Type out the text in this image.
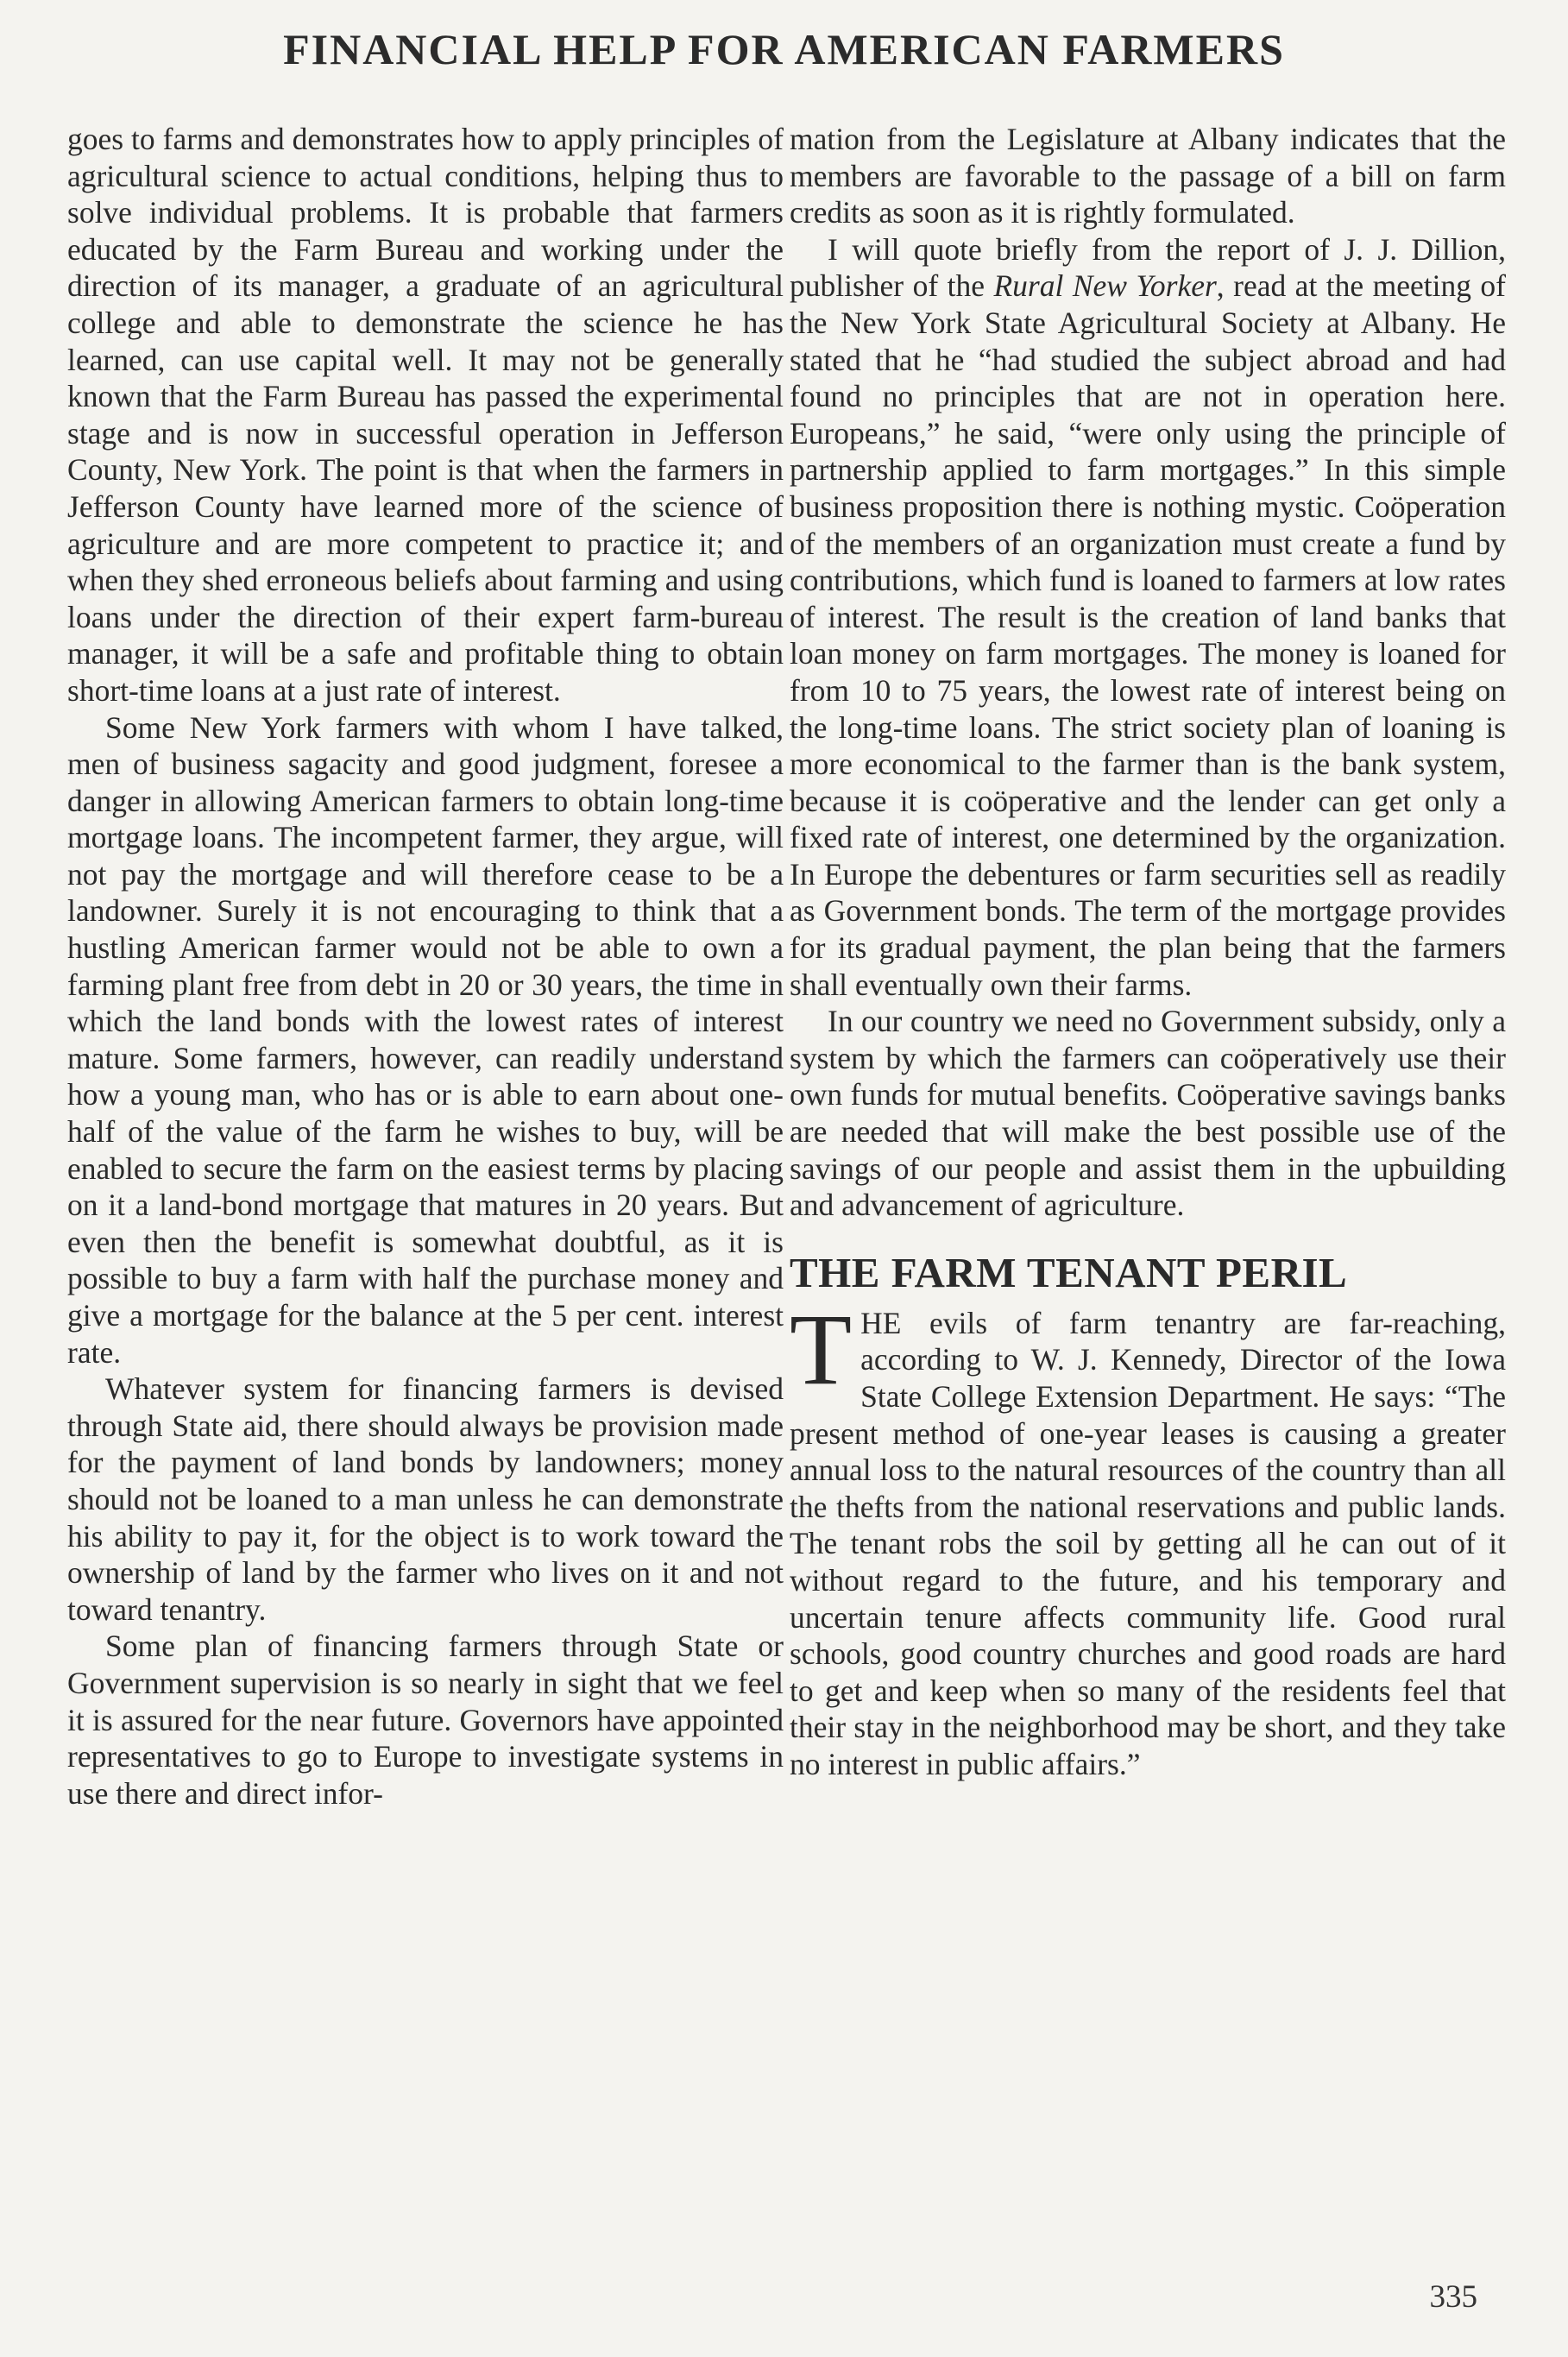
FINANCIAL HELP FOR AMERICAN FARMERS

goes to farms and demonstrates how to apply principles of agricultural science to actual conditions, helping thus to solve individual problems. It is probable that farmers educated by the Farm Bureau and working under the direction of its manager, a graduate of an agricultural college and able to demonstrate the science he has learned, can use capital well. It may not be generally known that the Farm Bureau has passed the experimental stage and is now in successful operation in Jefferson County, New York. The point is that when the farmers in Jefferson County have learned more of the science of agriculture and are more competent to practice it; and when they shed erroneous beliefs about farming and using loans under the direction of their expert farm-bureau manager, it will be a safe and profitable thing to obtain short-time loans at a just rate of interest.

Some New York farmers with whom I have talked, men of business sagacity and good judgment, foresee a danger in allowing American farmers to obtain long-time mortgage loans. The incompetent farmer, they argue, will not pay the mortgage and will therefore cease to be a landowner. Surely it is not encouraging to think that a hustling American farmer would not be able to own a farming plant free from debt in 20 or 30 years, the time in which the land bonds with the lowest rates of interest mature. Some farmers, however, can readily understand how a young man, who has or is able to earn about one-half of the value of the farm he wishes to buy, will be enabled to secure the farm on the easiest terms by placing on it a land-bond mortgage that matures in 20 years. But even then the benefit is somewhat doubtful, as it is possible to buy a farm with half the purchase money and give a mortgage for the balance at the 5 per cent. interest rate.

Whatever system for financing farmers is devised through State aid, there should always be provision made for the payment of land bonds by landowners; money should not be loaned to a man unless he can demonstrate his ability to pay it, for the object is to work toward the ownership of land by the farmer who lives on it and not toward tenantry.

Some plan of financing farmers through State or Government supervision is so nearly in sight that we feel it is assured for the near future. Governors have appointed representatives to go to Europe to investigate systems in use there and direct infor-

mation from the Legislature at Albany indicates that the members are favorable to the passage of a bill on farm credits as soon as it is rightly formulated.

I will quote briefly from the report of J. J. Dillion, publisher of the Rural New Yorker, read at the meeting of the New York State Agricultural Society at Albany. He stated that he “had studied the subject abroad and had found no principles that are not in operation here. Europeans,” he said, “were only using the principle of partnership applied to farm mortgages.” In this simple business proposition there is nothing mystic. Coöperation of the members of an organization must create a fund by contributions, which fund is loaned to farmers at low rates of interest. The result is the creation of land banks that loan money on farm mortgages. The money is loaned for from 10 to 75 years, the lowest rate of interest being on the long-time loans. The strict society plan of loaning is more economical to the farmer than is the bank system, because it is coöperative and the lender can get only a fixed rate of interest, one determined by the organization. In Europe the debentures or farm securities sell as readily as Government bonds. The term of the mortgage provides for its gradual payment, the plan being that the farmers shall eventually own their farms.

In our country we need no Government subsidy, only a system by which the farmers can coöperatively use their own funds for mutual benefits. Coöperative savings banks are needed that will make the best possible use of the savings of our people and assist them in the upbuilding and advancement of agriculture.

THE FARM TENANT PERIL

THE evils of farm tenantry are far-reaching, according to W. J. Kennedy, Director of the Iowa State College Extension Department. He says: “The present method of one-year leases is causing a greater annual loss to the natural resources of the country than all the thefts from the national reservations and public lands. The tenant robs the soil by getting all he can out of it without regard to the future, and his temporary and uncertain tenure affects community life. Good rural schools, good country churches and good roads are hard to get and keep when so many of the residents feel that their stay in the neighborhood may be short, and they take no interest in public affairs.”

335
